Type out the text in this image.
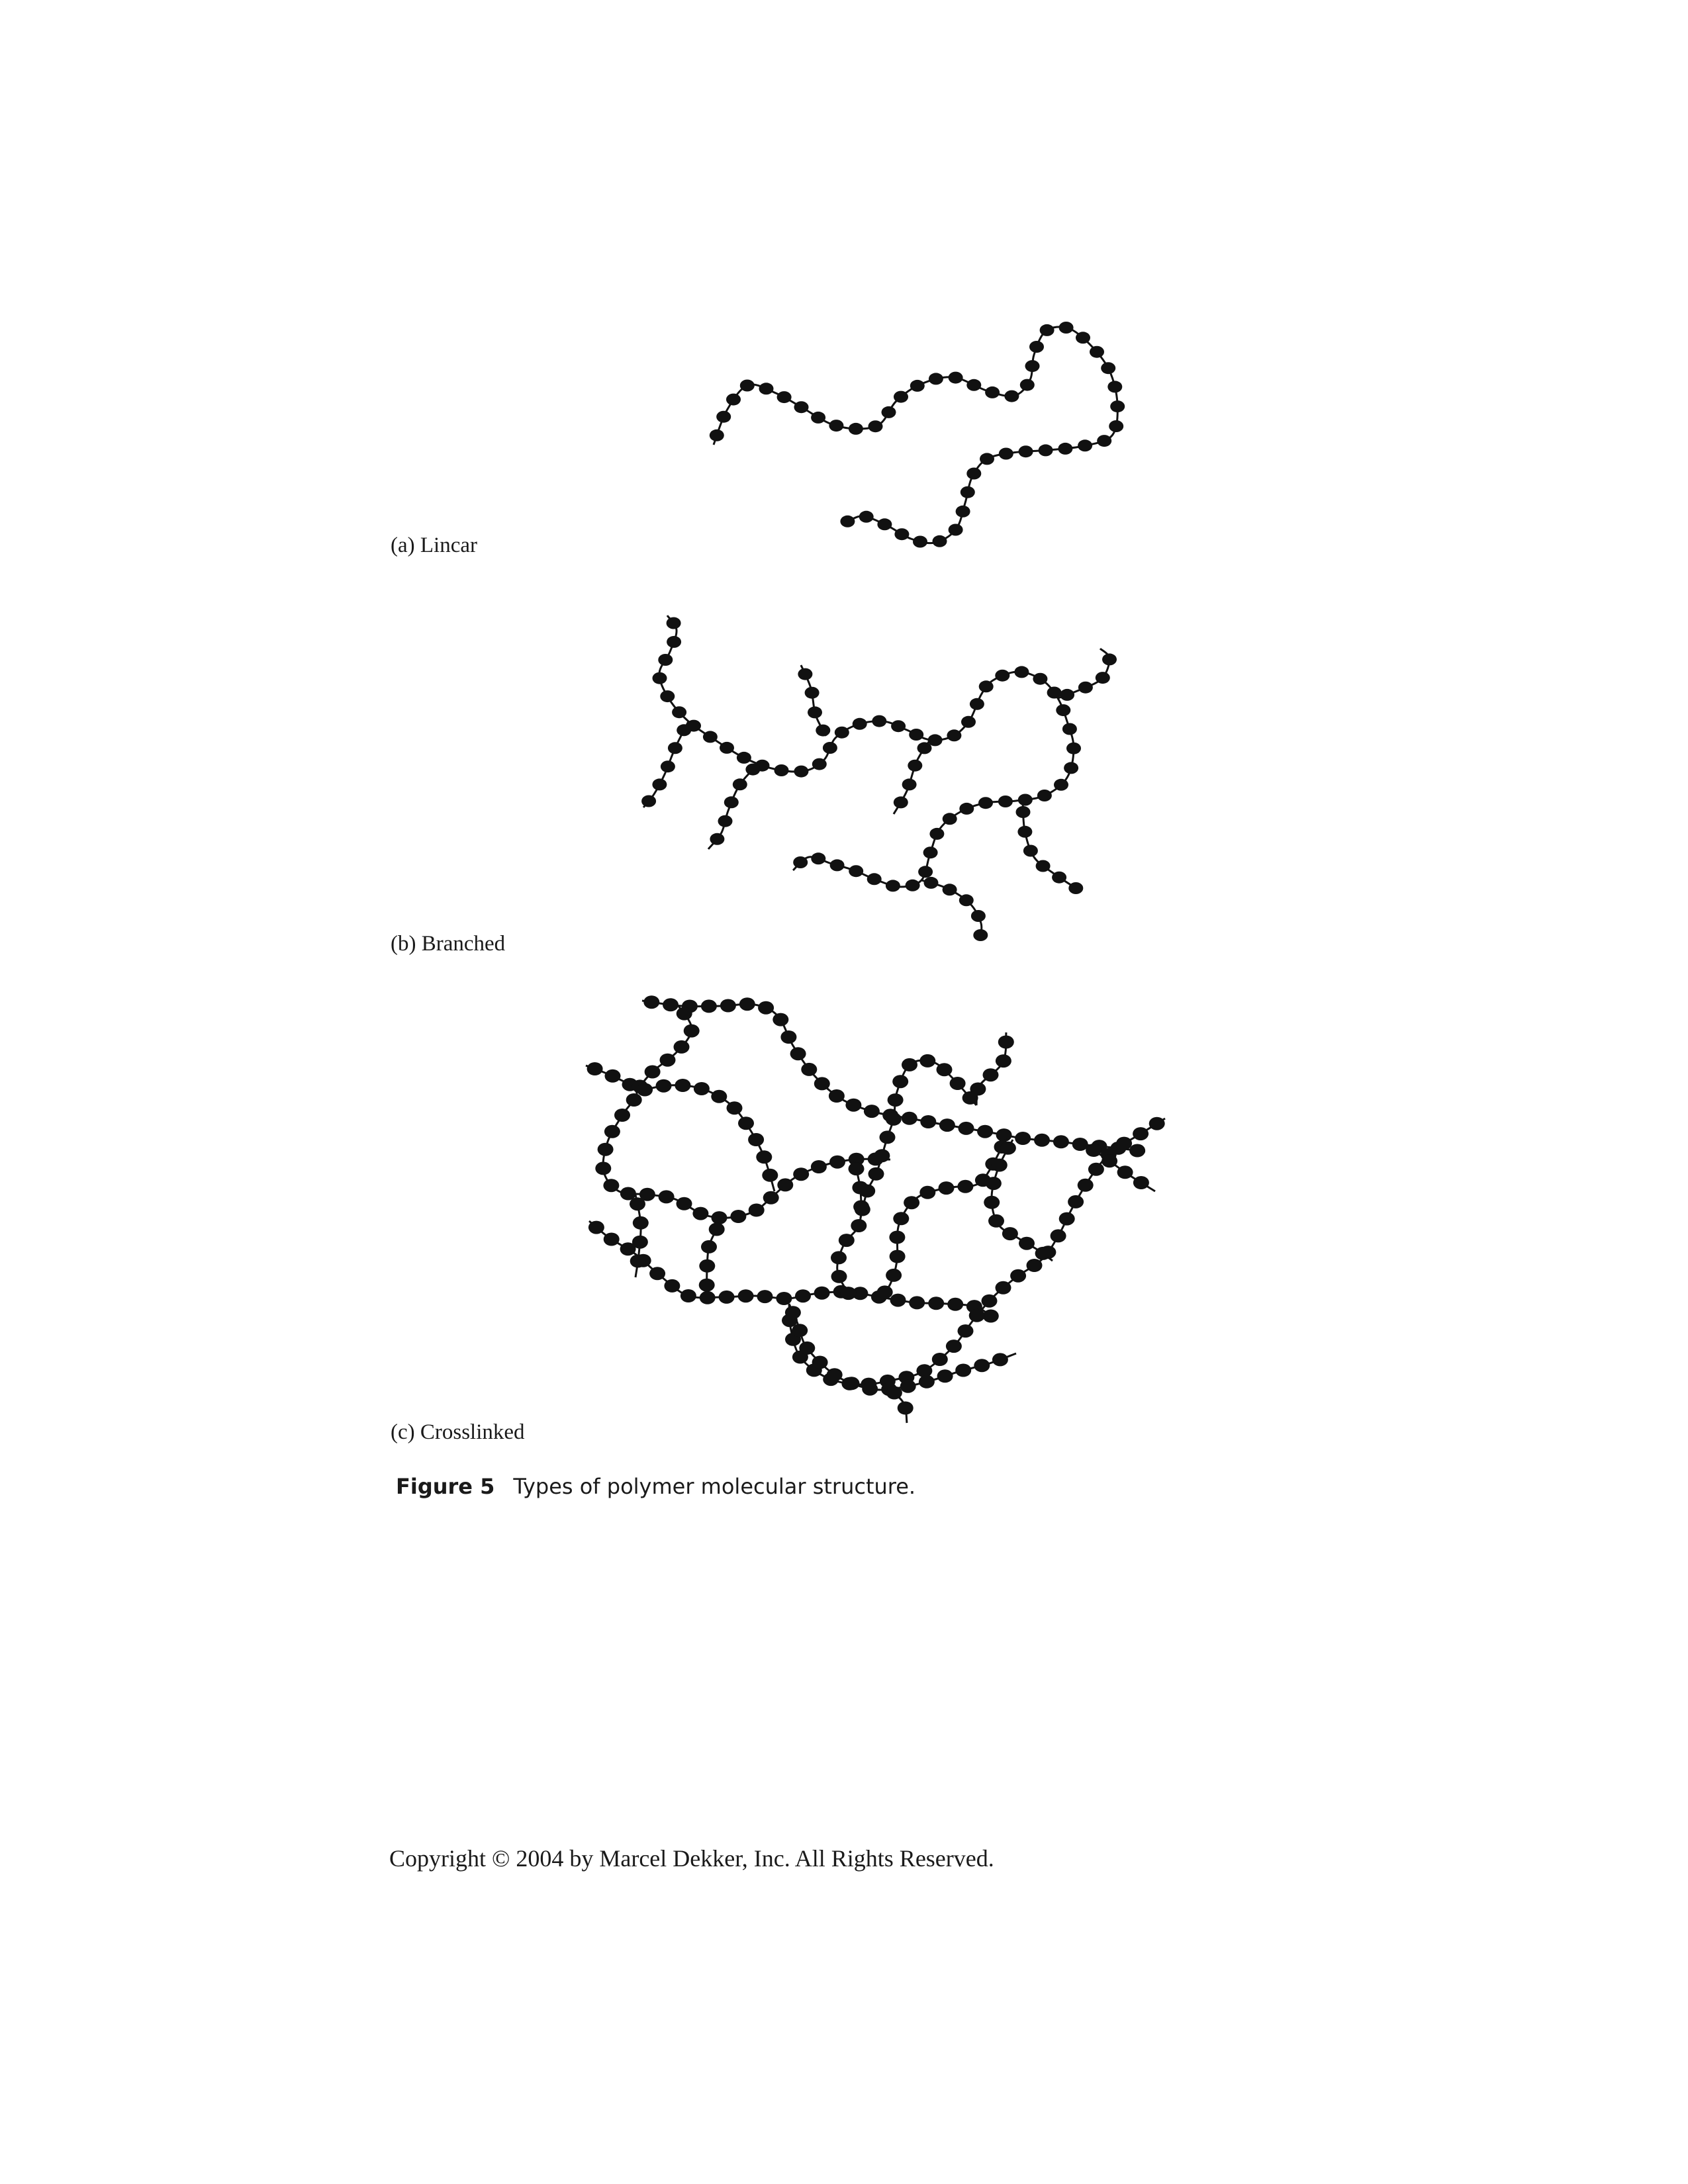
(a) Lincar

(b) Branched

(c) Crosslinked

Figure 5 Types of polymer molecular structure.

Copyright © 2004 by Marcel Dekker, Inc. All Rights Reserved.
